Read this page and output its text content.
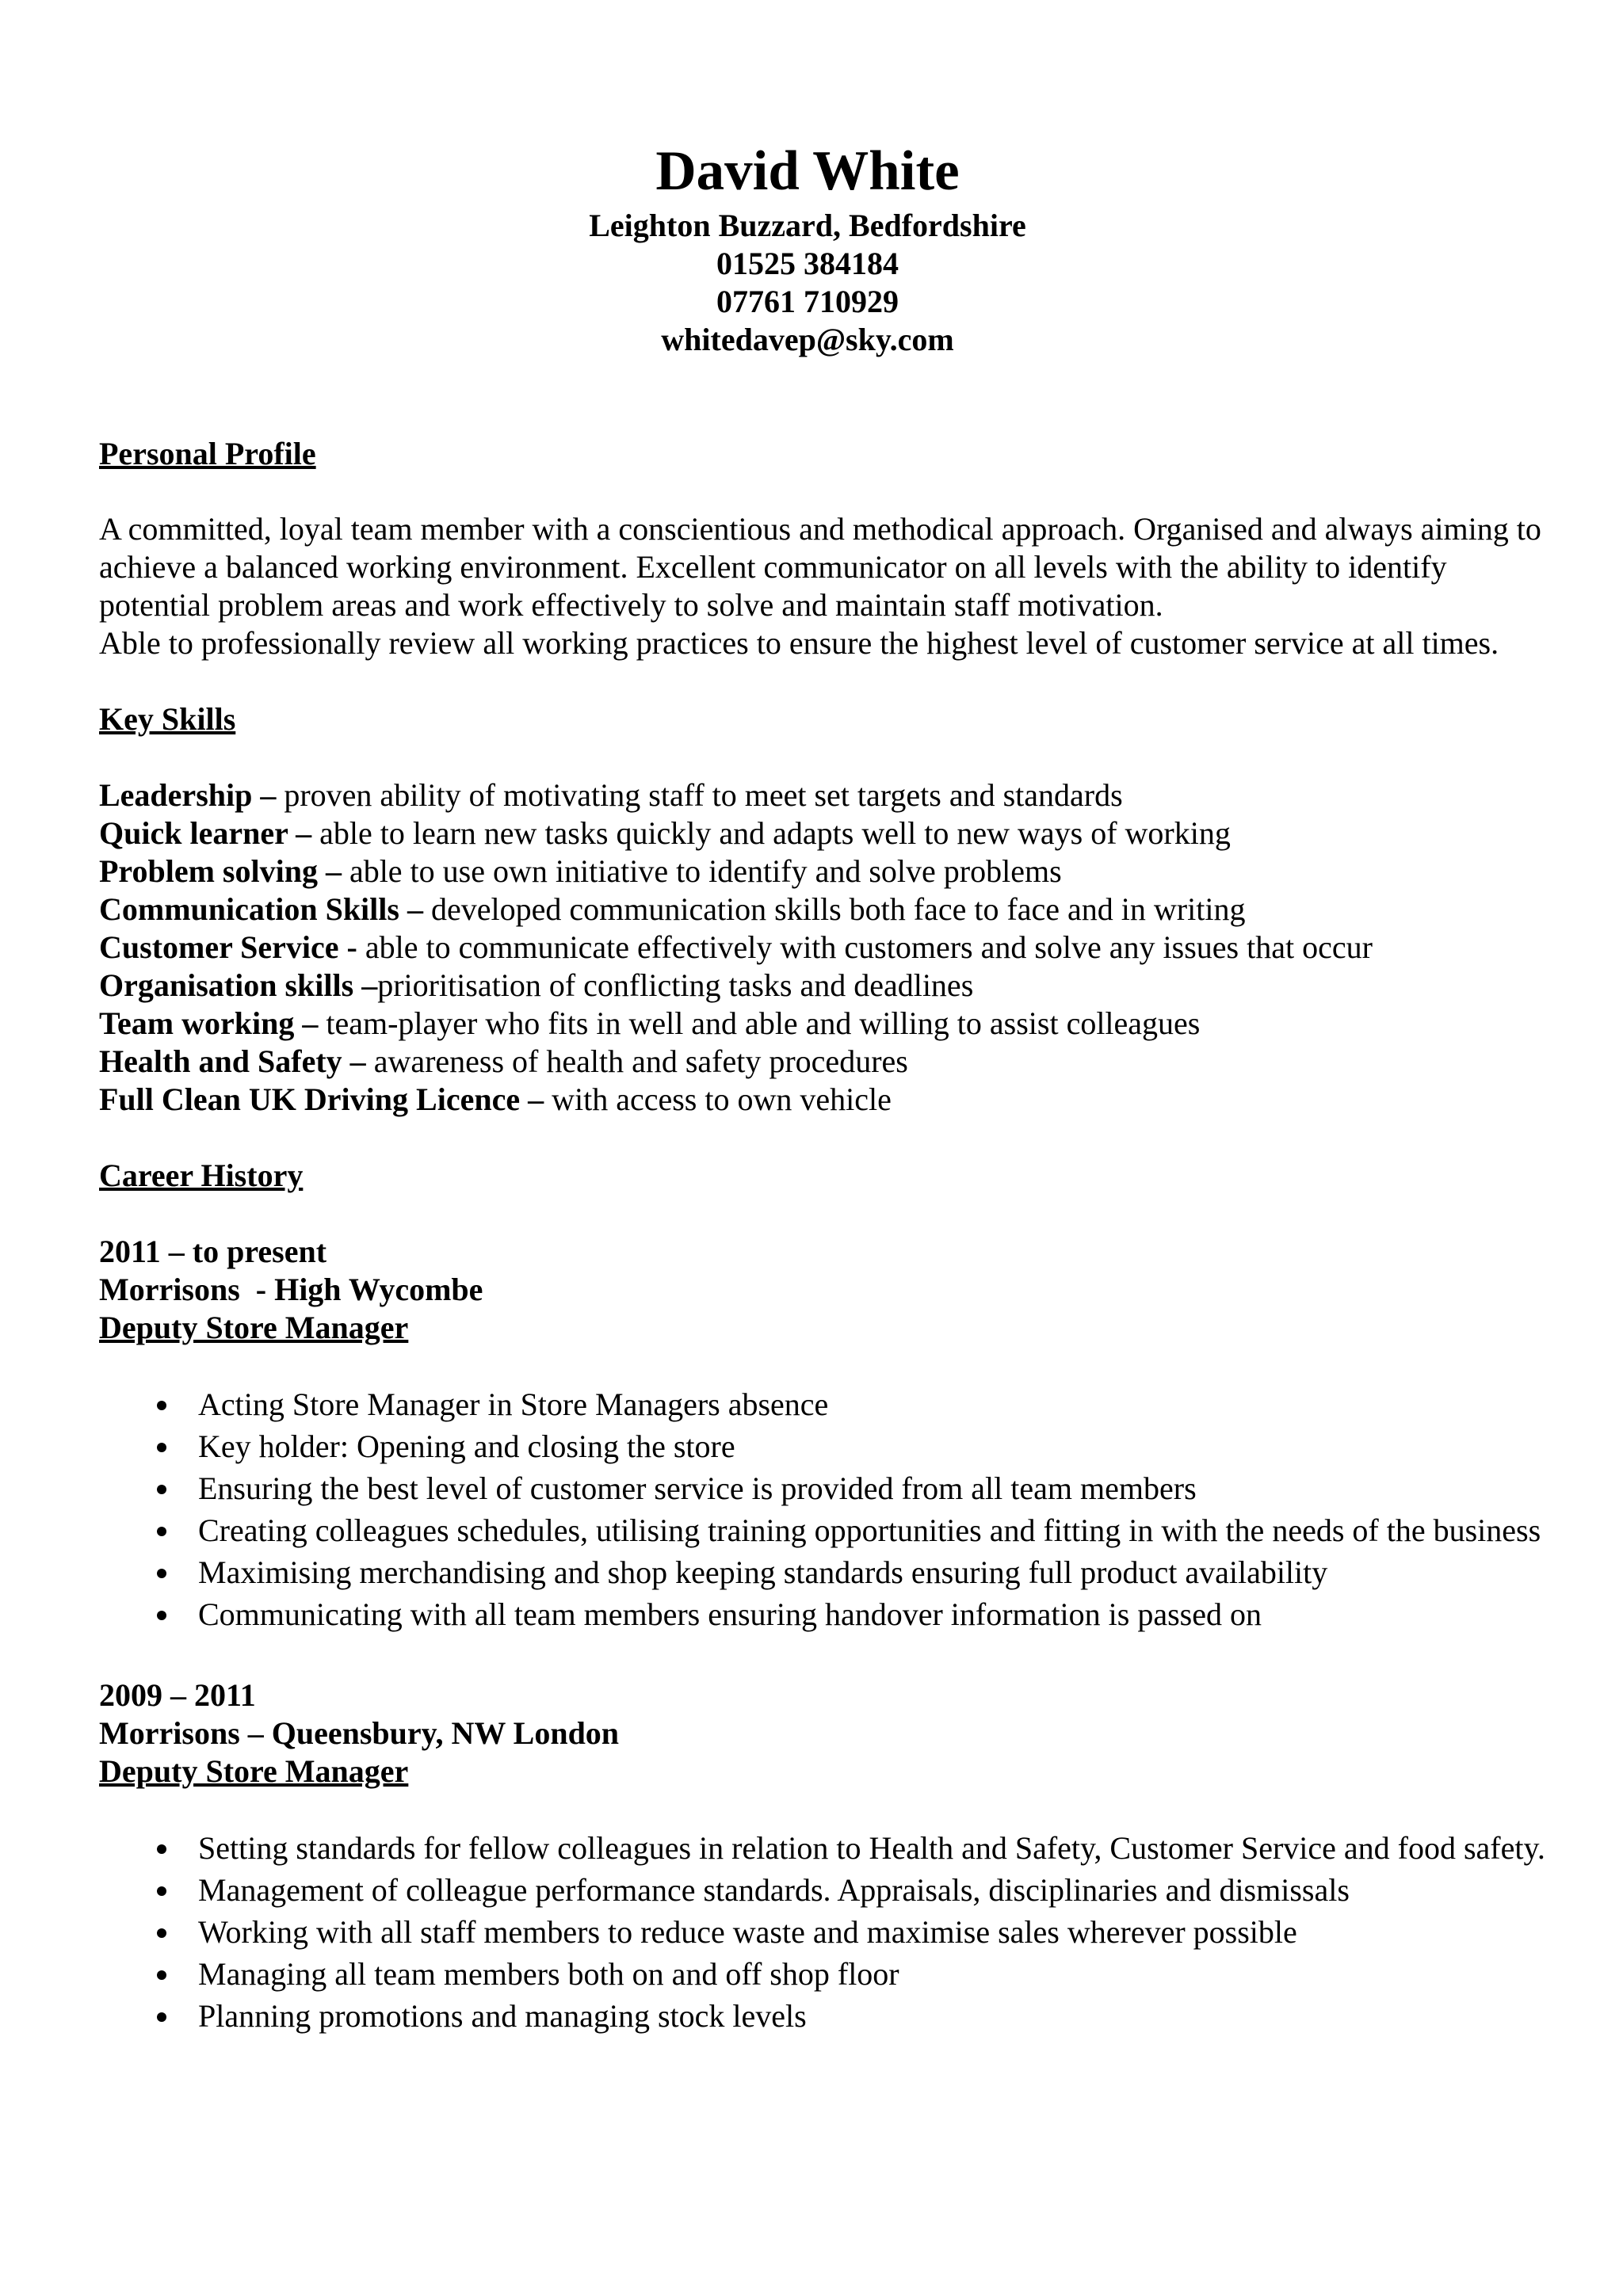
David White
Leighton Buzzard, Bedfordshire
01525 384184
07761 710929
whitedavep@sky.com
Personal Profile
A committed, loyal team member with a conscientious and methodical approach. Organised and always aiming to achieve a balanced working environment. Excellent communicator on all levels with the ability to identify potential problem areas and work effectively to solve and maintain staff motivation.
Able to professionally review all working practices to ensure the highest level of customer service at all times.
Key Skills
Leadership – proven ability of motivating staff to meet set targets and standards
Quick learner – able to learn new tasks quickly and adapts well to new ways of working
Problem solving – able to use own initiative to identify and solve problems
Communication Skills – developed communication skills both face to face and in writing
Customer Service - able to communicate effectively with customers and solve any issues that occur
Organisation skills –prioritisation of conflicting tasks and deadlines
Team working – team-player who fits in well and able and willing to assist colleagues
Health and Safety – awareness of health and safety procedures
Full Clean UK Driving Licence – with access to own vehicle
Career History
2011 – to present
Morrisons  - High Wycombe
Deputy Store Manager
Acting Store Manager in Store Managers absence
Key holder: Opening and closing the store
Ensuring the best level of customer service is provided from all team members
Creating colleagues schedules, utilising training opportunities and fitting in with the needs of the business
Maximising merchandising and shop keeping standards ensuring full product availability
Communicating with all team members ensuring handover information is passed on
2009 – 2011
Morrisons – Queensbury, NW London
Deputy Store Manager
Setting standards for fellow colleagues in relation to Health and Safety, Customer Service and food safety.
Management of colleague performance standards. Appraisals, disciplinaries and dismissals
Working with all staff members to reduce waste and maximise sales wherever possible
Managing all team members both on and off shop floor
Planning promotions and managing stock levels
